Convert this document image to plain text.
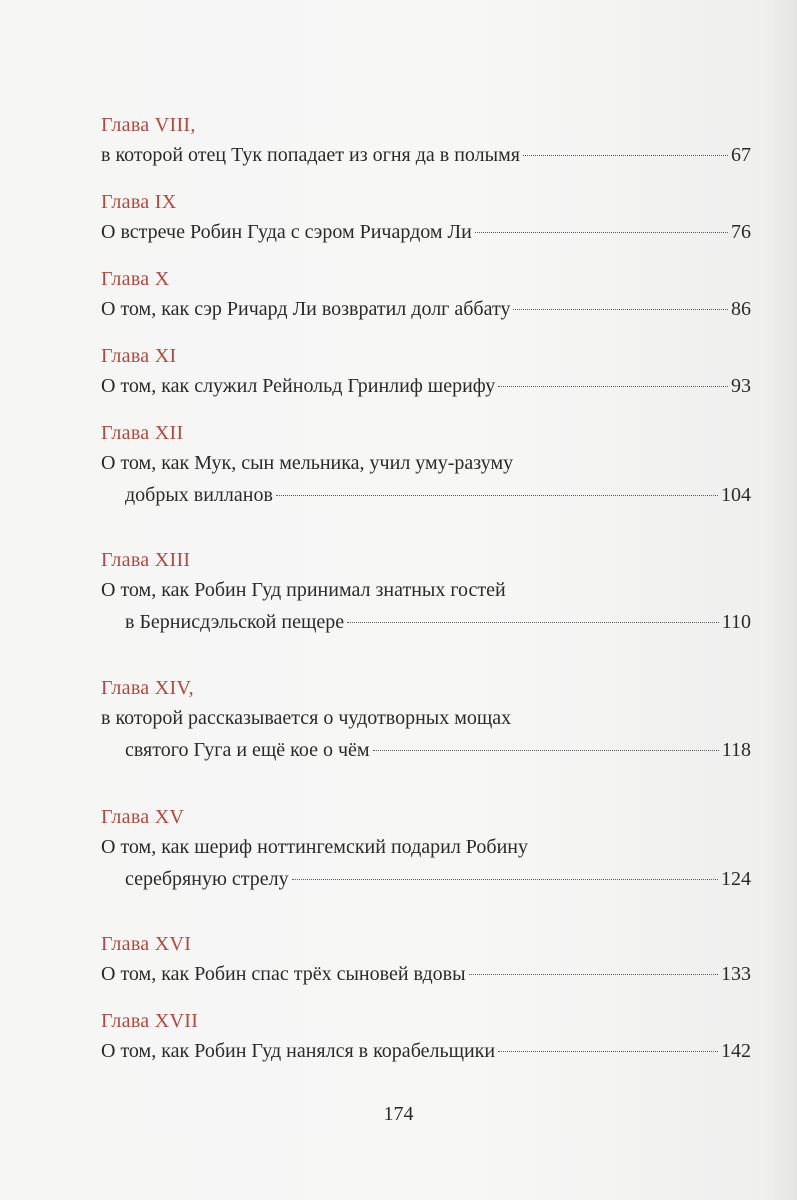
Глава VIII,
в которой отец Тук попадает из огня да в полымя	67
Глава IX
О встрече Робин Гуда с сэром Ричардом Ли	76
Глава X
О том, как сэр Ричард Ли возвратил долг аббату	86
Глава XI
О том, как служил Рейнольд Гринлиф шерифу	93
Глава XII
О том, как Мук, сын мельника, учил уму-разуму
добрых вилланов	104
Глава XIII
О том, как Робин Гуд принимал знатных гостей
в Бернисдэльской пещере	110
Глава XIV,
в которой рассказывается о чудотворных мощах
святого Гуга и ещё кое о чём	118
Глава XV
О том, как шериф ноттингемский подарил Робину
серебряную стрелу	124
Глава XVI
О том, как Робин спас трёх сыновей вдовы	133
Глава XVII
О том, как Робин Гуд нанялся в корабельщики	142
174
